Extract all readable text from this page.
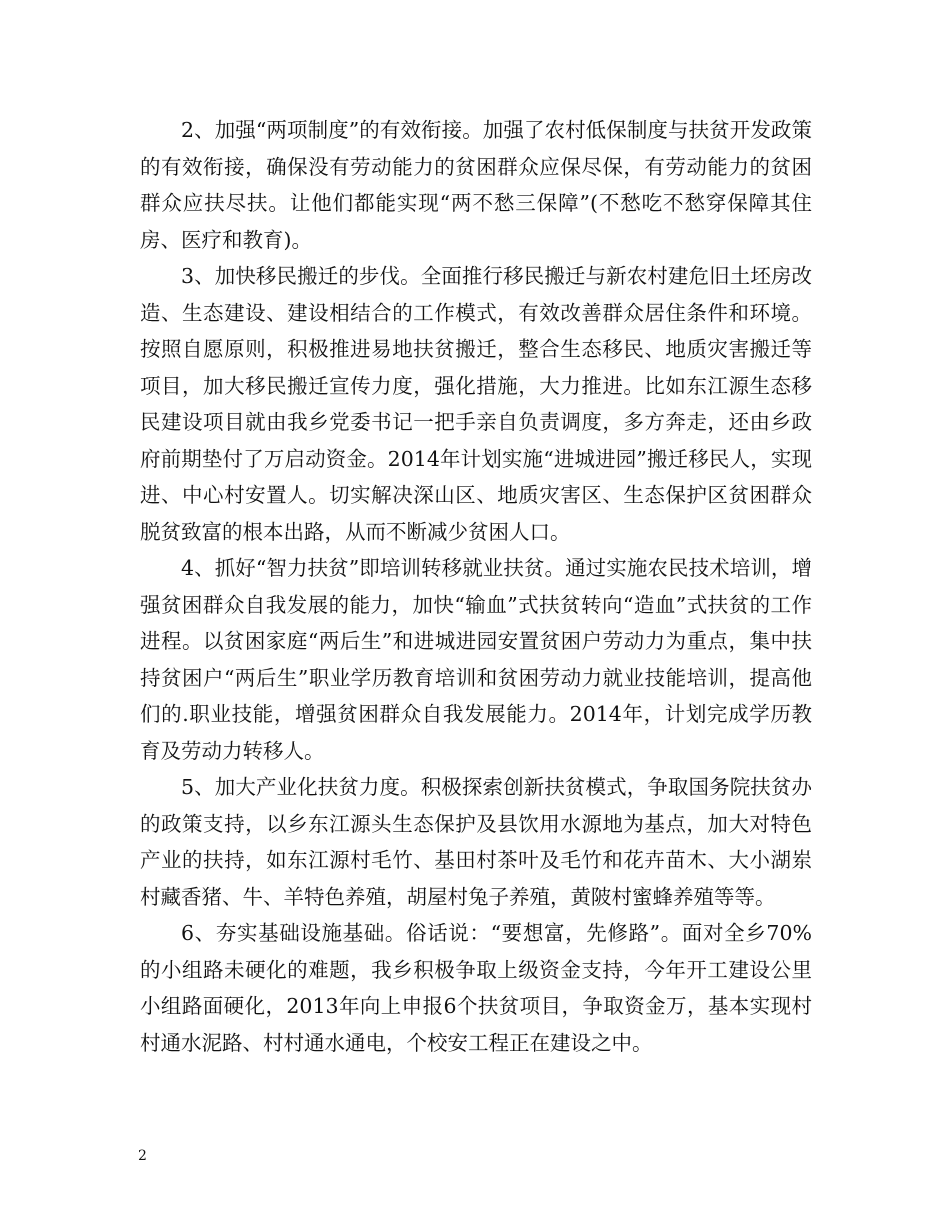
2、加强“两项制度”的有效衔接。加强了农村低保制度与扶贫开发政策的有效衔接，确保没有劳动能力的贫困群众应保尽保，有劳动能力的贫困群众应扶尽扶。让他们都能实现“两不愁三保障”(不愁吃不愁穿保障其住房、医疗和教育)。

3、加快移民搬迁的步伐。全面推行移民搬迁与新农村建危旧土坯房改造、生态建设、建设相结合的工作模式，有效改善群众居住条件和环境。按照自愿原则，积极推进易地扶贫搬迁，整合生态移民、地质灾害搬迁等项目，加大移民搬迁宣传力度，强化措施，大力推进。比如东江源生态移民建设项目就由我乡党委书记一把手亲自负责调度，多方奔走，还由乡政府前期垫付了万启动资金。2014年计划实施“进城进园”搬迁移民人，实现进、中心村安置人。切实解决深山区、地质灾害区、生态保护区贫困群众脱贫致富的根本出路，从而不断减少贫困人口。

4、抓好“智力扶贫”即培训转移就业扶贫。通过实施农民技术培训，增强贫困群众自我发展的能力，加快“输血”式扶贫转向“造血”式扶贫的工作进程。以贫困家庭“两后生”和进城进园安置贫困户劳动力为重点，集中扶持贫困户“两后生”职业学历教育培训和贫困劳动力就业技能培训，提高他们的.职业技能，增强贫困群众自我发展能力。2014年，计划完成学历教育及劳动力转移人。

5、加大产业化扶贫力度。积极探索创新扶贫模式，争取国务院扶贫办的政策支持，以乡东江源头生态保护及县饮用水源地为基点，加大对特色产业的扶持，如东江源村毛竹、基田村茶叶及毛竹和花卉苗木、大小湖岽村藏香猪、牛、羊特色养殖，胡屋村兔子养殖，黄陂村蜜蜂养殖等等。

6、夯实基础设施基础。俗话说：“要想富，先修路”。面对全乡70%的小组路未硬化的难题，我乡积极争取上级资金支持，今年开工建设公里小组路面硬化，2013年向上申报6个扶贫项目，争取资金万，基本实现村村通水泥路、村村通水通电，个校安工程正在建设之中。

2
